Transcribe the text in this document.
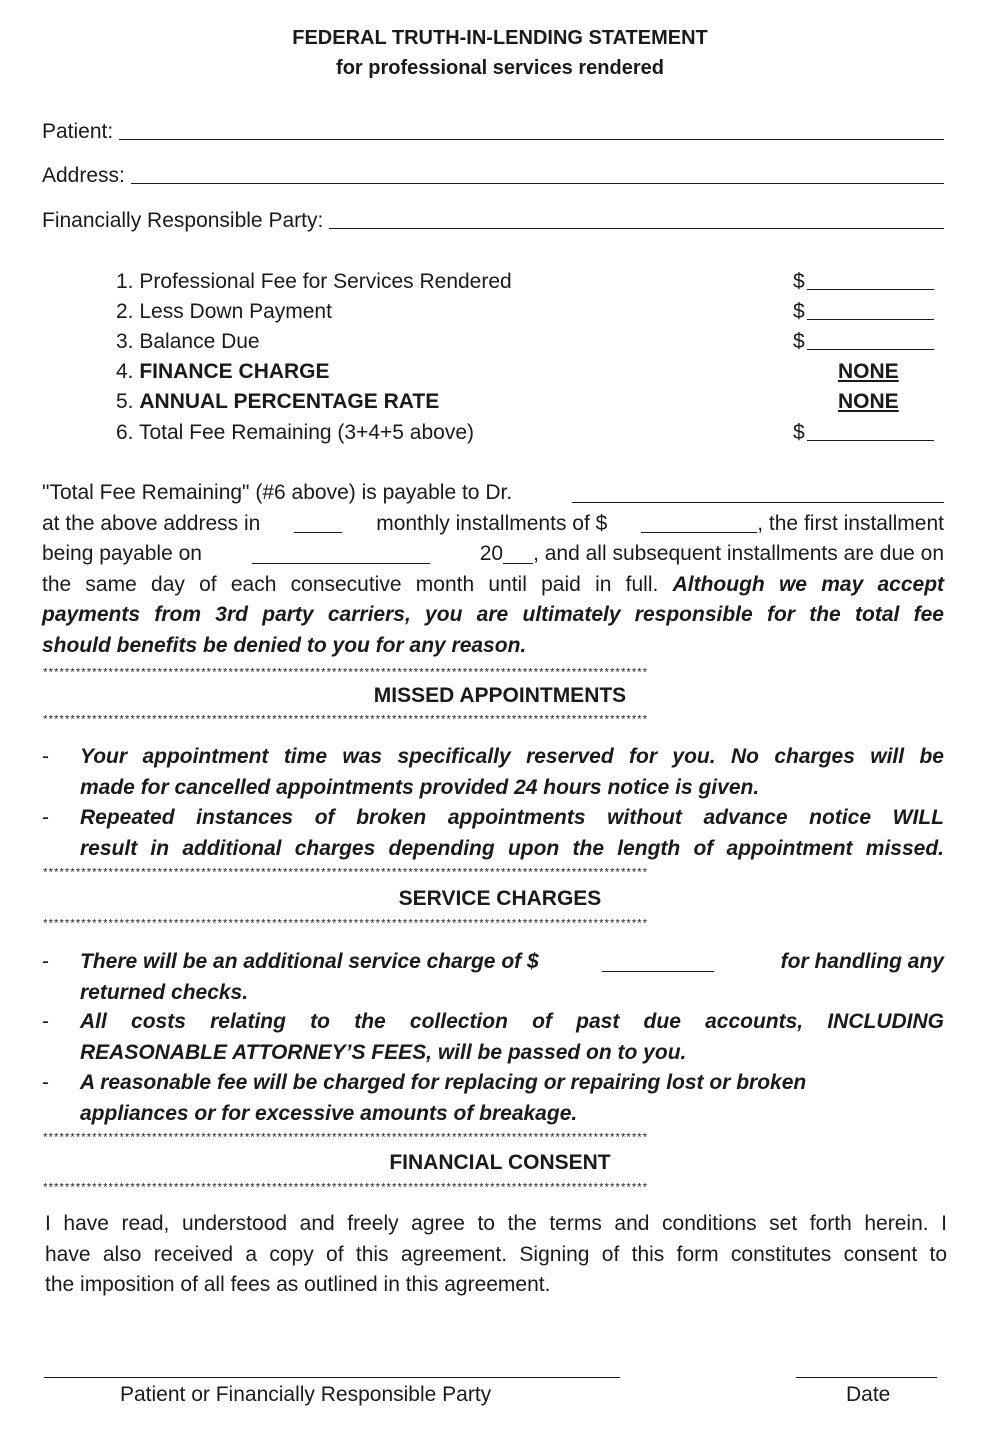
FEDERAL TRUTH-IN-LENDING STATEMENT
for professional services rendered
Patient:
Address:
Financially Responsible Party:
1. Professional Fee for Services Rendered	$
2. Less Down Payment	$
3. Balance Due	$
4. FINANCE CHARGE	NONE
5. ANNUAL PERCENTAGE RATE	NONE
6. Total Fee Remaining (3+4+5 above)	$
"Total Fee Remaining" (#6 above) is payable to Dr.
at the above address in	monthly installments of $	, the first installment
being payable on	20 , and all subsequent installments are due on
the same day of each consecutive month until paid in full. Although we may accept
payments from 3rd party carriers, you are ultimately responsible for the total fee
should benefits be denied to you for any reason.
***************************************************************************************************************
MISSED APPOINTMENTS
***************************************************************************************************************
- Your appointment time was specifically reserved for you. No charges will be
made for cancelled appointments provided 24 hours notice is given.
- Repeated instances of broken appointments without advance notice WILL
result in additional charges depending upon the length of appointment missed.
***************************************************************************************************************
SERVICE CHARGES
***************************************************************************************************************
- There will be an additional service charge of $	for handling any
returned checks.
- All costs relating to the collection of past due accounts, INCLUDING
REASONABLE ATTORNEY’S FEES, will be passed on to you.
- A reasonable fee will be charged for replacing or repairing lost or broken
appliances or for excessive amounts of breakage.
***************************************************************************************************************
FINANCIAL CONSENT
***************************************************************************************************************
I have read, understood and freely agree to the terms and conditions set forth herein. I
have also received a copy of this agreement. Signing of this form constitutes consent to
the imposition of all fees as outlined in this agreement.
Patient or Financially Responsible Party	Date
